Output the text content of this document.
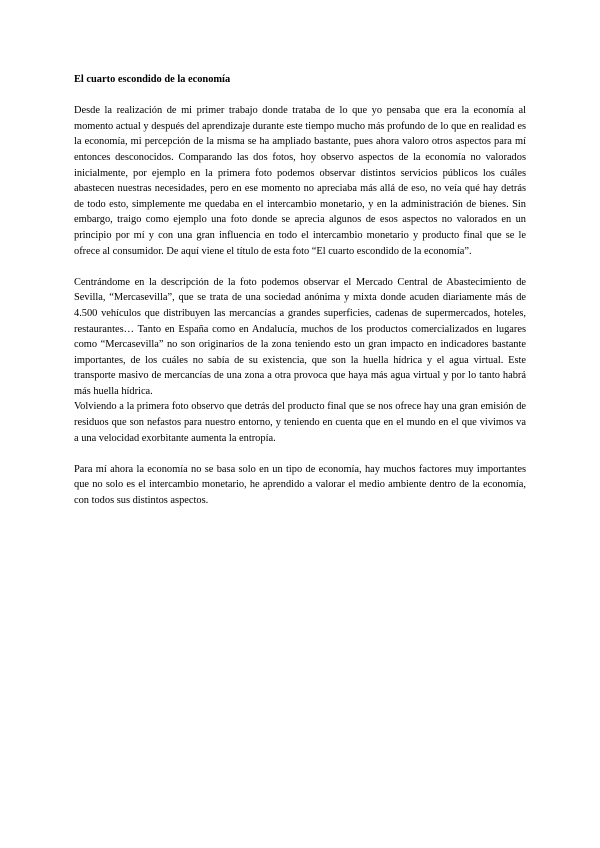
El cuarto escondido de la economía

Desde la realización de mi primer trabajo donde trataba de lo que yo pensaba que era la economía al momento actual y después del aprendizaje durante este tiempo mucho más profundo de lo que en realidad es la economía, mi percepción de la misma se ha ampliado bastante, pues ahora valoro otros aspectos para mí entonces desconocidos. Comparando las dos fotos, hoy observo aspectos de la economía no valorados inicialmente, por ejemplo en la primera foto podemos observar distintos servicios públicos los cuáles abastecen nuestras necesidades, pero en ese momento no apreciaba más allá de eso, no veía qué hay detrás de todo esto, simplemente me quedaba en el intercambio monetario, y en la administración de bienes. Sin embargo, traigo como ejemplo una foto donde se aprecia algunos de esos aspectos no valorados en un principio por mí y con una gran influencia en todo el intercambio monetario y producto final que se le ofrece al consumidor. De aquí viene el título de esta foto “El cuarto escondido de la economía”.

Centrándome en la descripción de la foto podemos observar el Mercado Central de Abastecimiento de Sevilla, “Mercasevilla”, que se trata de una sociedad anónima y mixta donde acuden diariamente más de 4.500 vehículos que distribuyen las mercancías a grandes superficies, cadenas de supermercados, hoteles, restaurantes… Tanto en España como en Andalucía, muchos de los productos comercializados en lugares como “Mercasevilla” no son originarios de la zona teniendo esto un gran impacto en indicadores bastante importantes, de los cuáles no sabía de su existencia, que son la huella hídrica y el agua virtual. Este transporte masivo de mercancías de una zona a otra provoca que haya más agua virtual y por lo tanto habrá más huella hídrica.

Volviendo a la primera foto observo que detrás del producto final que se nos ofrece hay una gran emisión de residuos que son nefastos para nuestro entorno, y teniendo en cuenta que en el mundo en el que vivimos va a una velocidad exorbitante aumenta la entropía.

Para mí ahora la economía no se basa solo en un tipo de economía, hay muchos factores muy importantes que no solo es el intercambio monetario, he aprendido a valorar el medio ambiente dentro de la economía, con todos sus distintos aspectos.
